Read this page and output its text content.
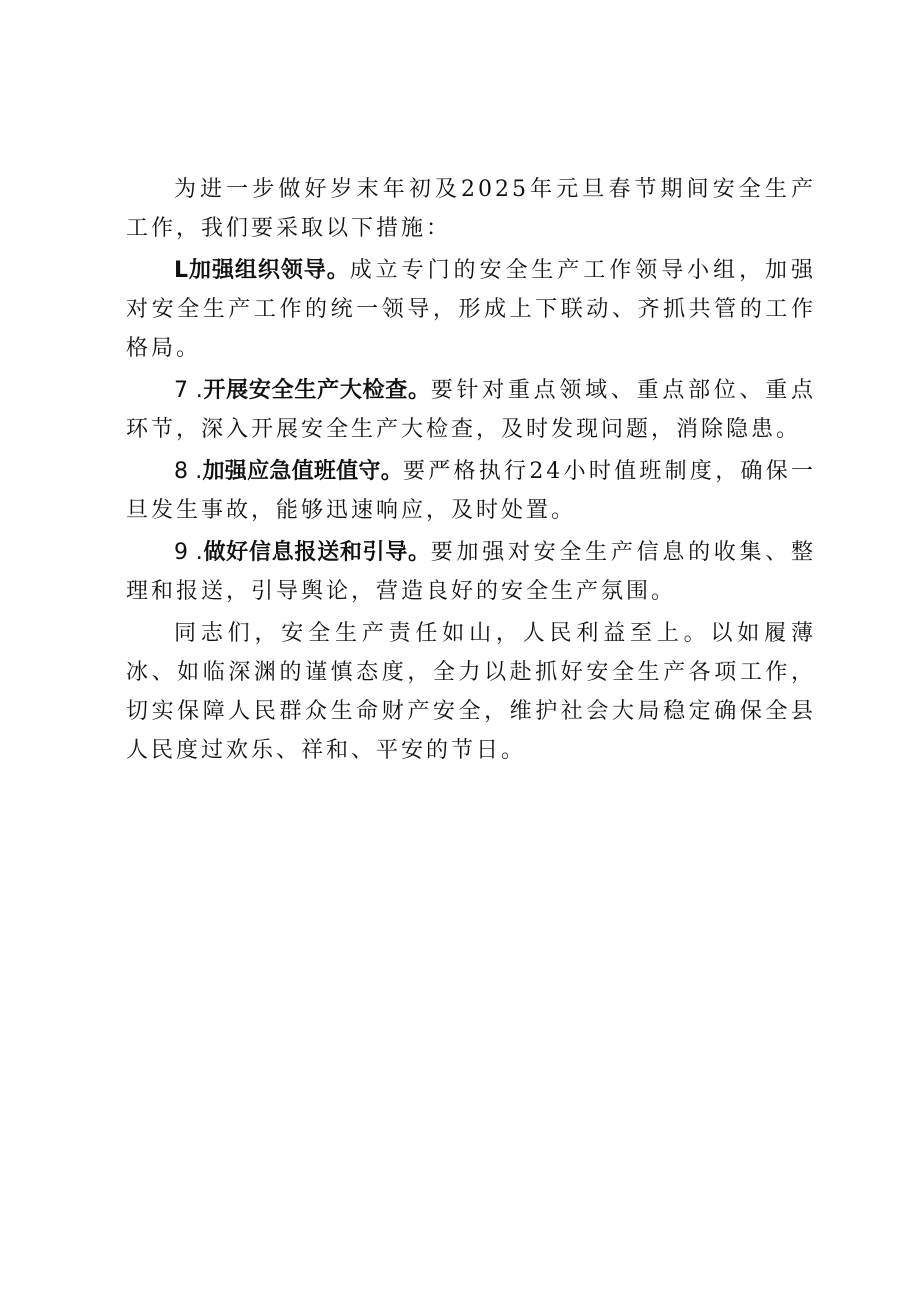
为进一步做好岁末年初及2025年元旦春节期间安全生产工作，我们要采取以下措施：

L加强组织领导。成立专门的安全生产工作领导小组，加强对安全生产工作的统一领导，形成上下联动、齐抓共管的工作格局。

7 .开展安全生产大检查。要针对重点领域、重点部位、重点环节，深入开展安全生产大检查，及时发现问题，消除隐患。

8 .加强应急值班值守。要严格执行24小时值班制度，确保一旦发生事故，能够迅速响应，及时处置。

9 .做好信息报送和引导。要加强对安全生产信息的收集、整理和报送，引导舆论，营造良好的安全生产氛围。

同志们，安全生产责任如山，人民利益至上。以如履薄冰、如临深渊的谨慎态度，全力以赴抓好安全生产各项工作，切实保障人民群众生命财产安全，维护社会大局稳定确保全县人民度过欢乐、祥和、平安的节日。
